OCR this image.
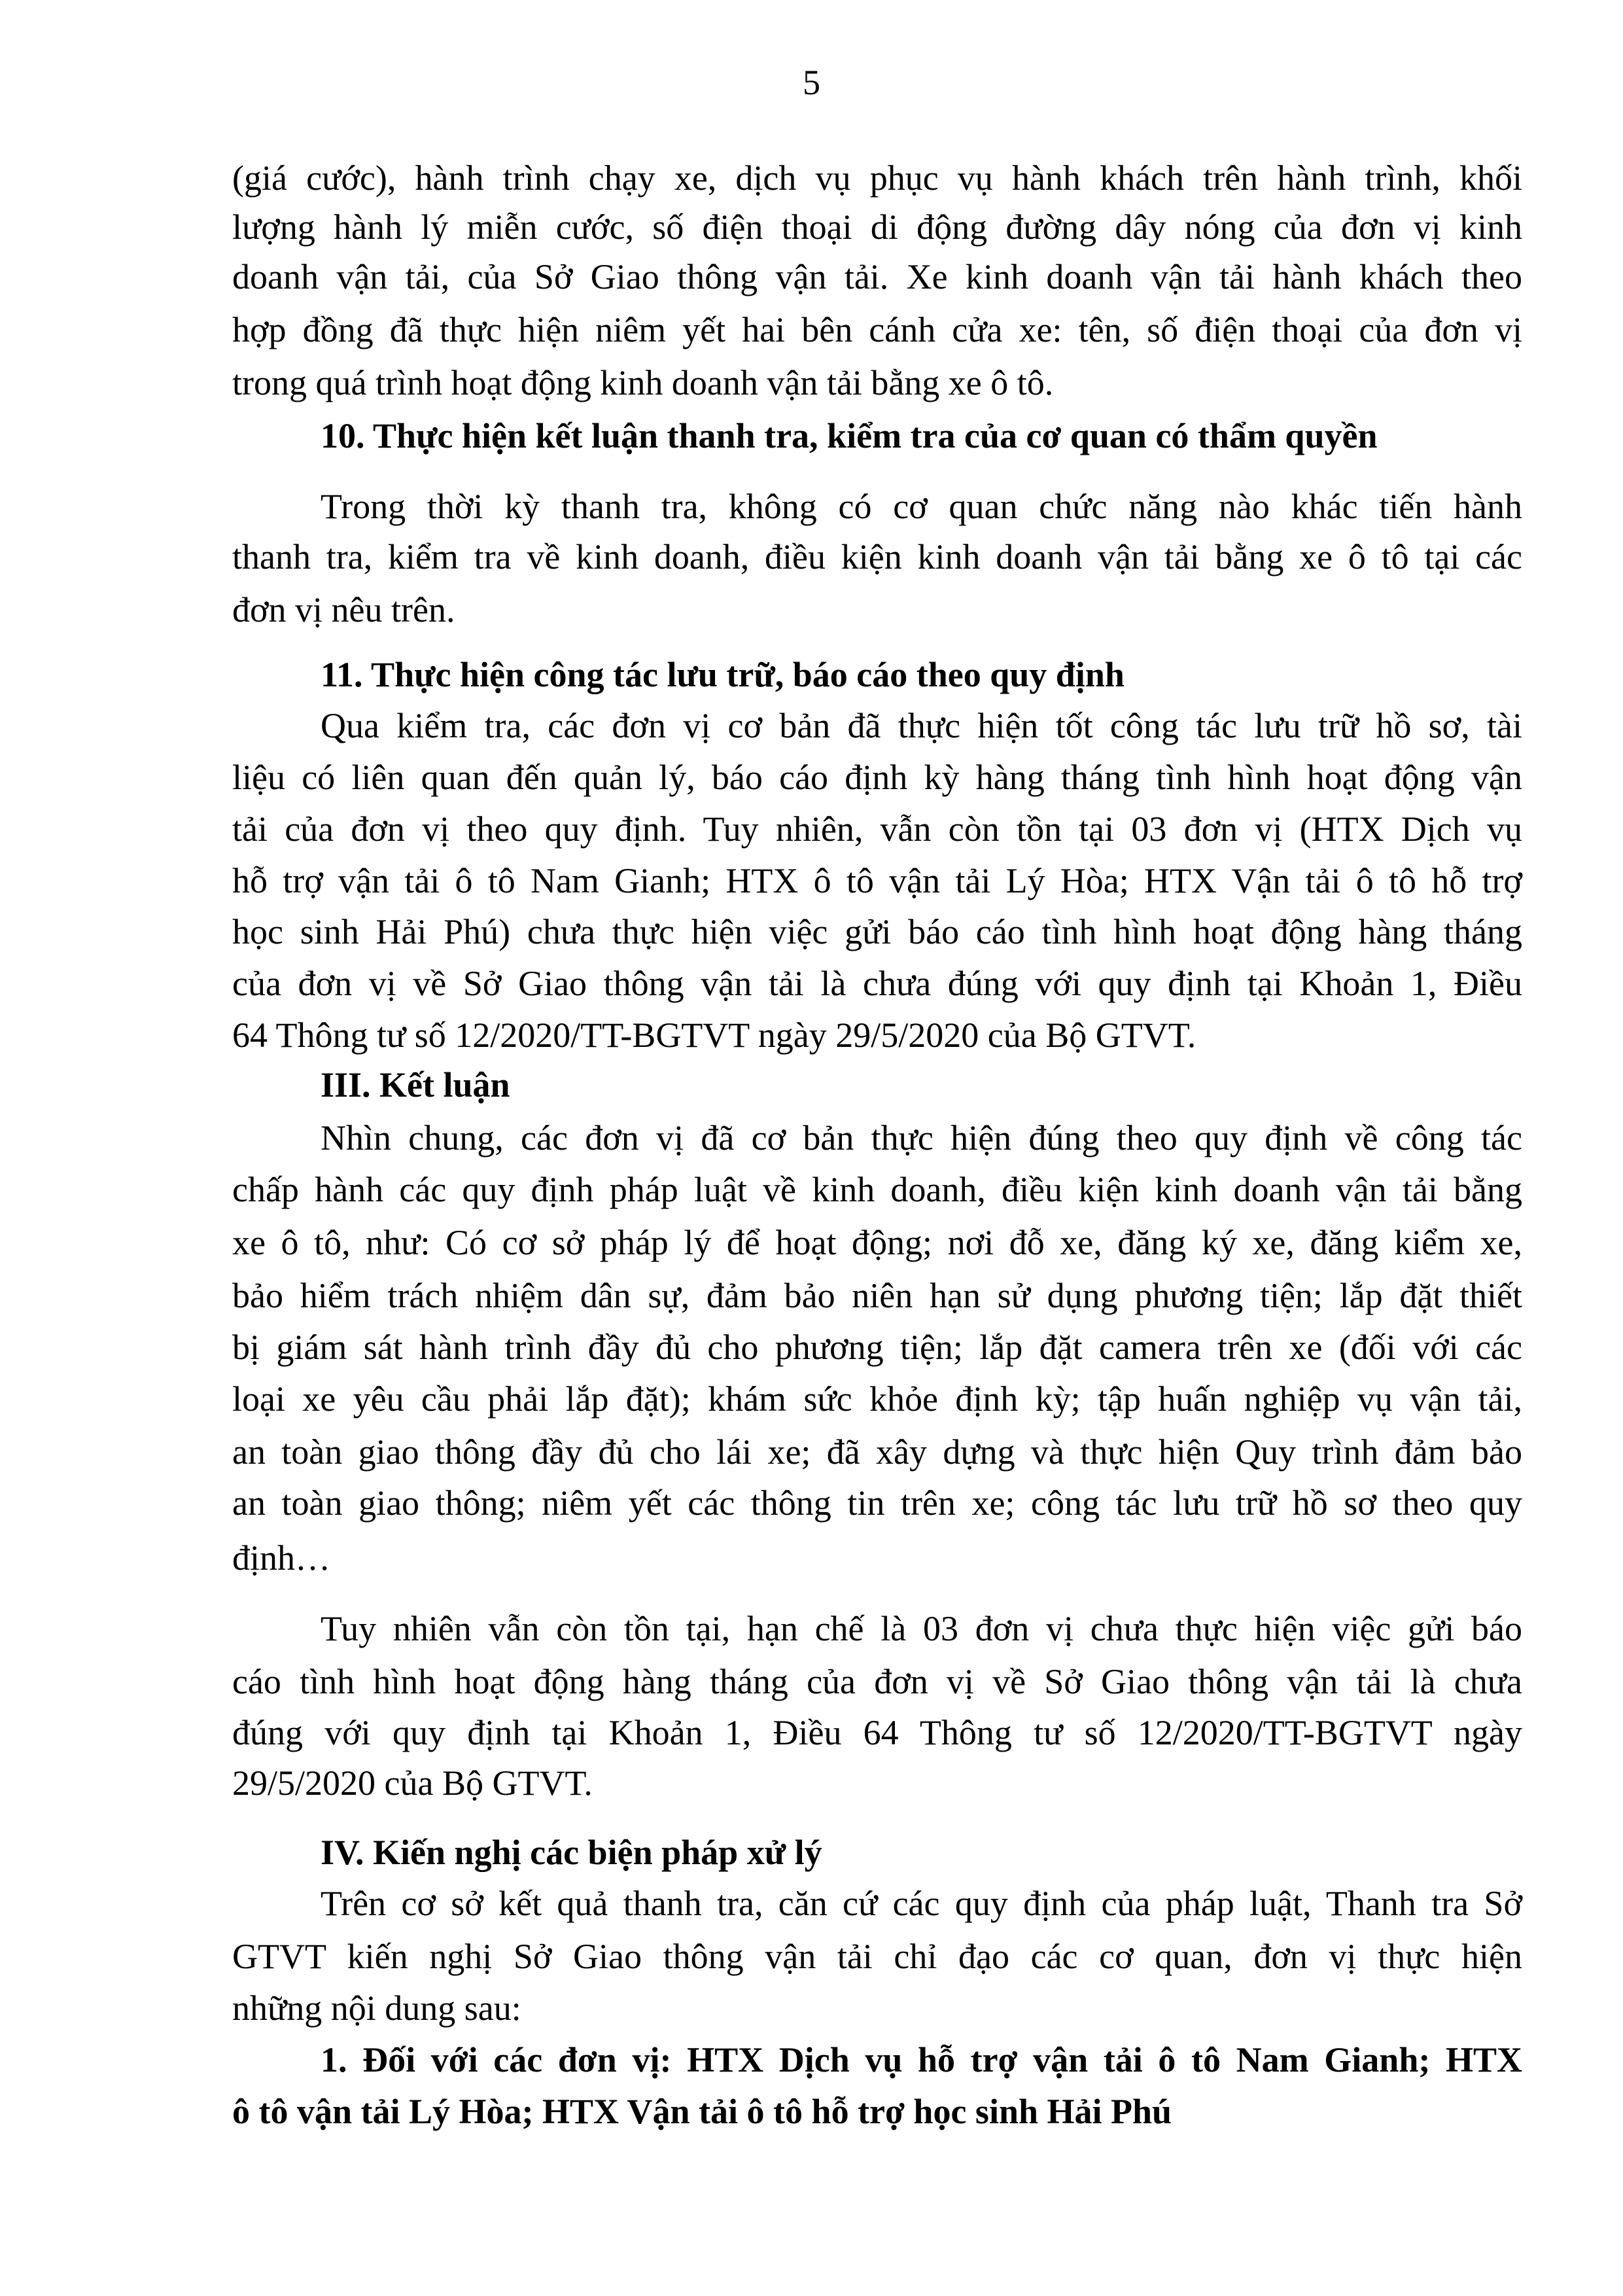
5
(giá cước), hành trình chạy xe, dịch vụ phục vụ hành khách trên hành trình, khối
lượng hành lý miễn cước, số điện thoại di động đường dây nóng của đơn vị kinh
doanh vận tải, của Sở Giao thông vận tải. Xe kinh doanh vận tải hành khách theo
hợp đồng đã thực hiện niêm yết hai bên cánh cửa xe: tên, số điện thoại của đơn vị
trong quá trình hoạt động kinh doanh vận tải bằng xe ô tô.
10. Thực hiện kết luận thanh tra, kiểm tra của cơ quan có thẩm quyền
Trong thời kỳ thanh tra, không có cơ quan chức năng nào khác tiến hành
thanh tra, kiểm tra về kinh doanh, điều kiện kinh doanh vận tải bằng xe ô tô tại các
đơn vị nêu trên.
11. Thực hiện công tác lưu trữ, báo cáo theo quy định
Qua kiểm tra, các đơn vị cơ bản đã thực hiện tốt công tác lưu trữ hồ sơ, tài
liệu có liên quan đến quản lý, báo cáo định kỳ hàng tháng tình hình hoạt động vận
tải của đơn vị theo quy định. Tuy nhiên, vẫn còn tồn tại 03 đơn vị (HTX Dịch vụ
hỗ trợ vận tải ô tô Nam Gianh; HTX ô tô vận tải Lý Hòa; HTX Vận tải ô tô hỗ trợ
học sinh Hải Phú) chưa thực hiện việc gửi báo cáo tình hình hoạt động hàng tháng
của đơn vị về Sở Giao thông vận tải là chưa đúng với quy định tại Khoản 1, Điều
64 Thông tư số 12/2020/TT-BGTVT ngày 29/5/2020 của Bộ GTVT.
III. Kết luận
Nhìn chung, các đơn vị đã cơ bản thực hiện đúng theo quy định về công tác
chấp hành các quy định pháp luật về kinh doanh, điều kiện kinh doanh vận tải bằng
xe ô tô, như: Có cơ sở pháp lý để hoạt động; nơi đỗ xe, đăng ký xe, đăng kiểm xe,
bảo hiểm trách nhiệm dân sự, đảm bảo niên hạn sử dụng phương tiện; lắp đặt thiết
bị giám sát hành trình đầy đủ cho phương tiện; lắp đặt camera trên xe (đối với các
loại xe yêu cầu phải lắp đặt); khám sức khỏe định kỳ; tập huấn nghiệp vụ vận tải,
an toàn giao thông đầy đủ cho lái xe; đã xây dựng và thực hiện Quy trình đảm bảo
an toàn giao thông; niêm yết các thông tin trên xe; công tác lưu trữ hồ sơ theo quy
định…
Tuy nhiên vẫn còn tồn tại, hạn chế là 03 đơn vị chưa thực hiện việc gửi báo
cáo tình hình hoạt động hàng tháng của đơn vị về Sở Giao thông vận tải là chưa
đúng với quy định tại Khoản 1, Điều 64 Thông tư số 12/2020/TT-BGTVT ngày
29/5/2020 của Bộ GTVT.
IV. Kiến nghị các biện pháp xử lý
Trên cơ sở kết quả thanh tra, căn cứ các quy định của pháp luật, Thanh tra Sở
GTVT kiến nghị Sở Giao thông vận tải chỉ đạo các cơ quan, đơn vị thực hiện
những nội dung sau:
1. Đối với các đơn vị: HTX Dịch vụ hỗ trợ vận tải ô tô Nam Gianh; HTX
ô tô vận tải Lý Hòa; HTX Vận tải ô tô hỗ trợ học sinh Hải Phú
